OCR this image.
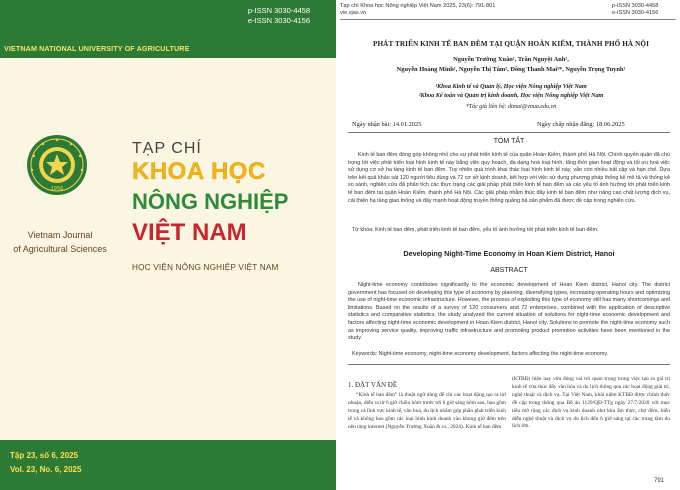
p-ISSN 3030-4458
e-ISSN 3030-4156
VIETNAM NATIONAL UNIVERSITY OF AGRICULTURE
1956
Vietnam Journal
of Agricultural Sciences
TẠP CHÍ
KHOA HỌC
NÔNG NGHIỆP
VIỆT NAM
HỌC VIỆN NÔNG NGHIỆP VIỆT NAM
Tập 23, số 6, 2025
Vol. 23, No. 6, 2025
Tạp chí Khoa học Nông nghiệp Việt Nam 2025, 23(6): 791-801
vie.vjas.vn
p-ISSN 3030-4458
e-ISSN 3030-4156
PHÁT TRIỂN KINH TẾ BAN ĐÊM TẠI QUẬN HOÀN KIẾM, THÀNH PHỐ HÀ NỘI
Nguyễn Trường Xuân¹, Trần Nguyệt Anh²,
Nguyễn Hoàng Minh¹, Nguyễn Thị Tâm², Đồng Thanh Mai²*, Nguyễn Trọng Tuynh²
¹Khoa Kinh tế và Quản lý, Học viện Nông nghiệp Việt Nam
²Khoa Kế toán và Quản trị kinh doanh, Học viện Nông nghiệp Việt Nam
*Tác giả liên hệ: dtmai@vnua.edu.vn
Ngày nhận bài: 14.01.2025	Ngày chấp nhận đăng: 18.06.2025
TÓM TẮT
Kinh tế ban đêm đóng góp không nhỏ cho sự phát triển kinh tế của quận Hoàn Kiếm, thành phố Hà Nội. Chính quyền quận đã chú trọng tới việc phát triển loại hình kinh tế này bằng việc quy hoạch, đa dạng hoá loại hình, tăng thời gian hoạt động và tối ưu hoá việc sử dụng cơ sở hạ tầng kinh tế ban đêm. Tuy nhiên quá trình khai thác loại hình kinh tế này, vẫn còn nhiều bất cập và hạn chế. Dựa trên kết quả khảo sát 120 người tiêu dùng và 72 cơ sở kinh doanh, kết hợp với việc sử dụng phương pháp thống kê mô tả và thống kê so sánh, nghiên cứu đã phân tích các thực trạng các giải pháp phát triển kinh tế ban đêm và các yếu tố ảnh hưởng tới phát triển kinh tế ban đêm tại quận Hoàn Kiếm, thành phố Hà Nội. Các giải pháp nhằm thúc đẩy kinh tế ban đêm như nâng cao chất lượng dịch vụ, cải thiện hạ tầng giao thông và đẩy mạnh hoạt động truyền thông quảng bá sản phẩm đã được đề cập trong nghiên cứu.
Từ khóa: Kinh tế ban đêm, phát triển kinh tế ban đêm, yếu tố ảnh hưởng tới phát triển kinh tế ban đêm.
Developing Night-Time Economy in Hoan Kiem District, Hanoi
ABSTRACT
Night-time economy contributes significantly to the economic development of Hoan Kiem district, Hanoi city. The district government has focused on developing this type of economy by planning, diversifying types, increasing operating hours and optimizing the use of night-time economic infrastructure. However, the process of exploiting this type of economy still has many shortcomings and limitations. Based on the results of a survey of 120 consumers and 72 enterprises, combined with the application of descriptive statistics and comparative statistics, the study analyzed the current situation of solutions for night-time economic development and factors affecting night-time economic development in Hoan Kiem district, Hanoi city. Solutions to promote the night-time economy such as improving service quality, improving traffic infrastructure and promoting product promotion activities have been mentioned in the study.
Keywords: Night-time economy, night-time economy development, factors affecting the night-time economy.
1. ĐẶT VẤN ĐỀ
“Kinh tế ban đêm” là thuật ngữ dùng để chỉ các hoạt động tạo ra lợi nhuận, diễn ra từ 6 giờ chiều hôm trước tới 6 giờ sáng hôm sau, bao gồm trong cả lĩnh vực kinh tế, văn hoá, du lịch nhằm góp phần phát triển kinh tế và không bao gồm các loại hình kinh doanh vào khung giờ đêm trên nền tảng internet (Nguyễn Trường Xuân & cs., 2024). Kinh tế ban đêm
(KTBĐ) hiện nay vừa đóng vai trò quan trọng trong việc tạo ra giá trị kinh tế vừa thúc đẩy văn hóa và du lịch thông qua các hoạt động giải trí, nghệ thuật và dịch vụ. Tại Việt Nam, khái niệm KTBĐ được chính thức đề cập trong thông qua Đề án 1129/QĐ-TTg ngày 27/7/2020 với mục tiêu mở rộng các dịch vụ kinh doanh như khu ẩm thực, chợ đêm, biểu diễn nghệ thuật và dịch vụ du lịch đến 6 giờ sáng tại các trung tâm du lịch lớn.
791
